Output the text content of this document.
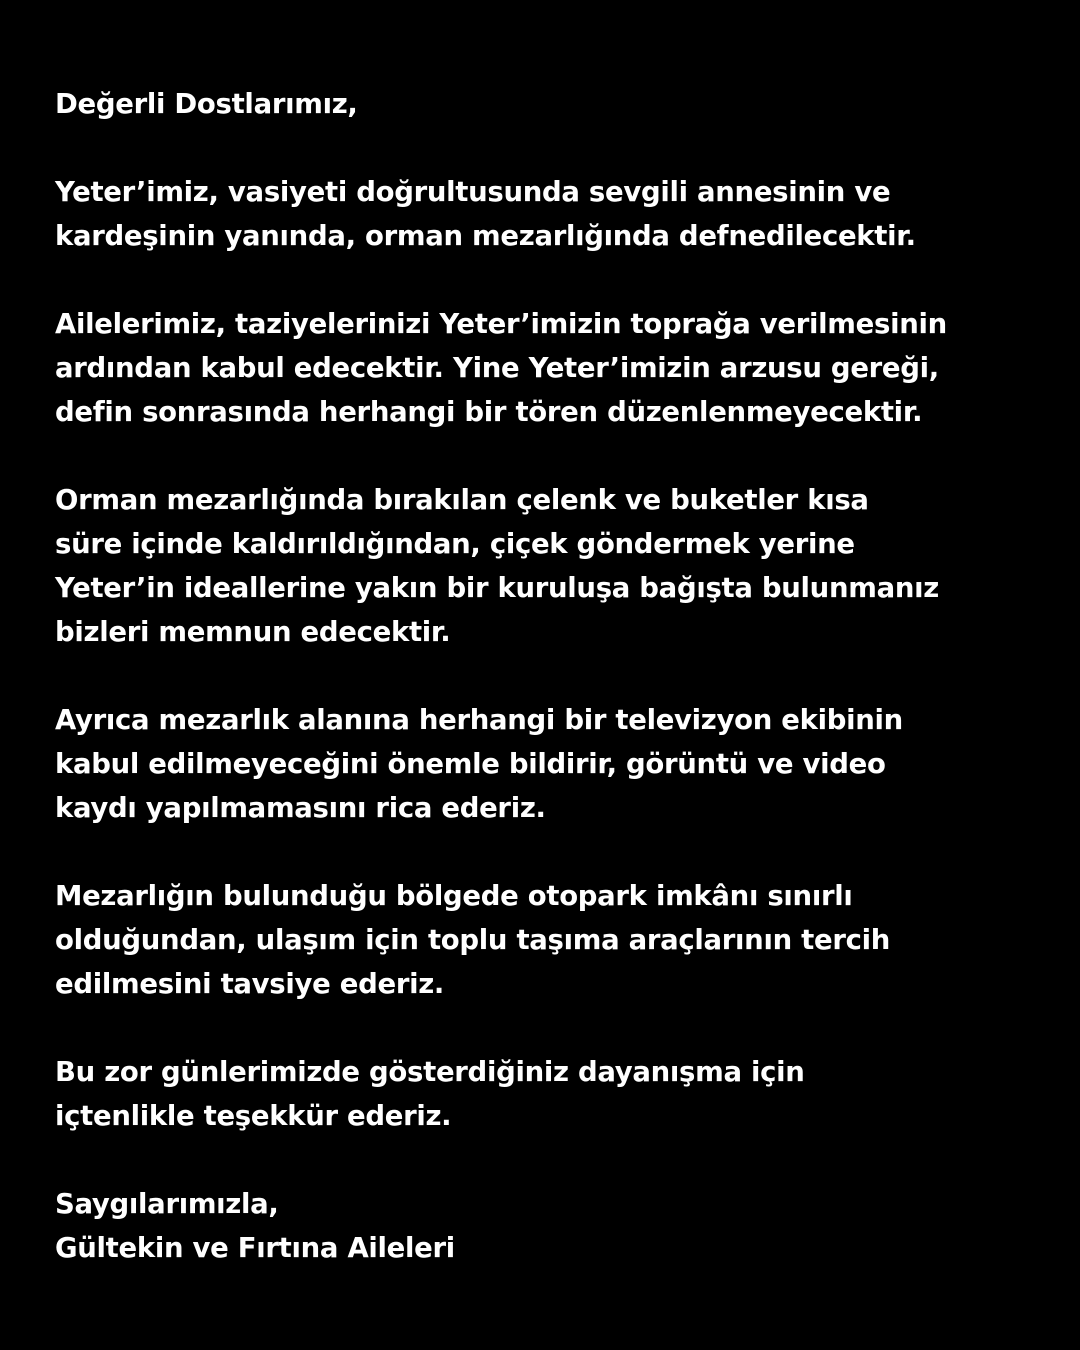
Değerli Dostlarımız,

Yeter’imiz, vasiyeti doğrultusunda sevgili annesinin ve
kardeşinin yanında, orman mezarlığında defnedilecektir.

Ailelerimiz, taziyelerinizi Yeter’imizin toprağa verilmesinin
ardından kabul edecektir. Yine Yeter’imizin arzusu gereği,
defin sonrasında herhangi bir tören düzenlenmeyecektir.

Orman mezarlığında bırakılan çelenk ve buketler kısa
süre içinde kaldırıldığından, çiçek göndermek yerine
Yeter’in ideallerine yakın bir kuruluşa bağışta bulunmanız
bizleri memnun edecektir.

Ayrıca mezarlık alanına herhangi bir televizyon ekibinin
kabul edilmeyeceğini önemle bildirir, görüntü ve video
kaydı yapılmamasını rica ederiz.

Mezarlığın bulunduğu bölgede otopark imkânı sınırlı
olduğundan, ulaşım için toplu taşıma araçlarının tercih
edilmesini tavsiye ederiz.

Bu zor günlerimizde gösterdiğiniz dayanışma için
içtenlikle teşekkür ederiz.

Saygılarımızla,
Gültekin ve Fırtına Aileleri
